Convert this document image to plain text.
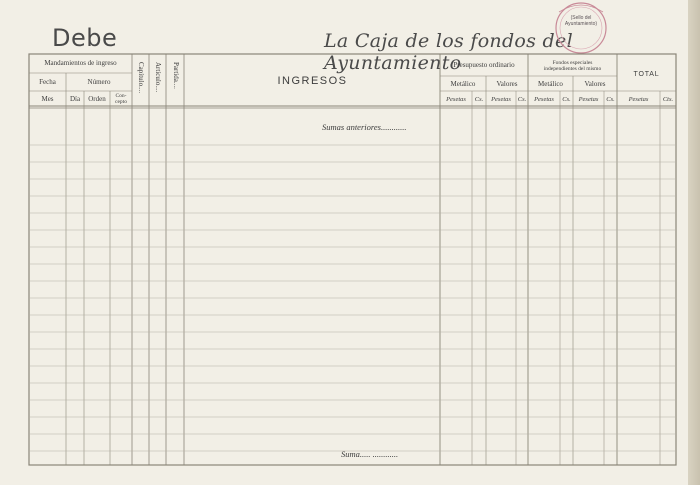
Debe	La Caja de los fondos del Ayuntamiento
(Sello del
Ayuntamiento)
Mandamientos de ingreso
Fecha	Número
Mes	Día	Orden	Con-
cepto
Capítulo.... Artículo.... Partida....	INGRESOS
Presupuesto ordinario	Fondos especiales
independientes del mismo
TOTAL
Metálico	Valores	Metálico	Valores
Pesetas	Cs.	Pesetas	Cs.	Pesetas	Cs.	Pesetas	Cs.	Pesetas	Cts.
Sumas anteriores............
Suma..... ............
